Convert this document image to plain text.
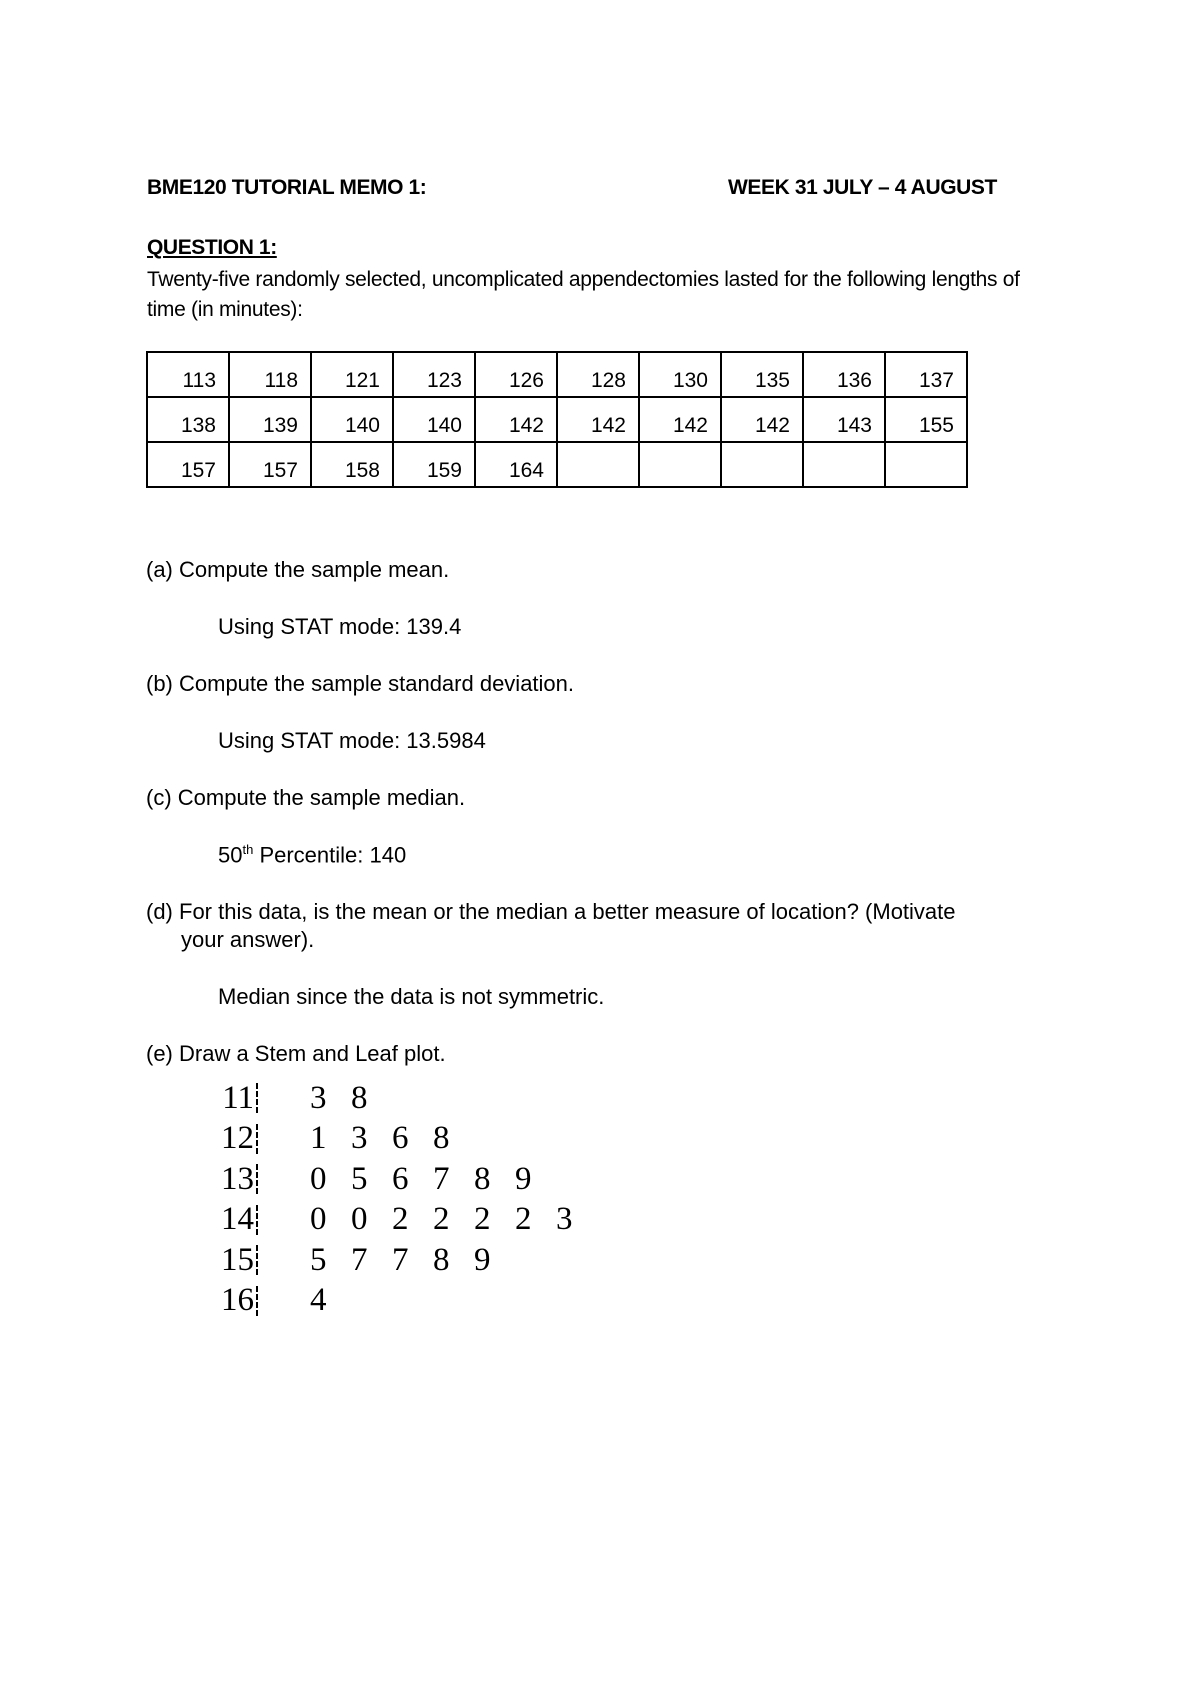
BME120 TUTORIAL MEMO 1:	WEEK 31 JULY – 4 AUGUST
QUESTION 1:
Twenty-five randomly selected, uncomplicated appendectomies lasted for the following lengths of time (in minutes):
113	118	121	123	126	128	130	135	136	137
138	139	140	140	142	142	142	142	143	155
157	157	158	159	164					
(a) Compute the sample mean.
Using STAT mode: 139.4
(b) Compute the sample standard deviation.
Using STAT mode: 13.5984
(c) Compute the sample median.
50th Percentile: 140
(d) For this data, is the mean or the median a better measure of location? (Motivate
your answer).
Median since the data is not symmetric.
(e) Draw a Stem and Leaf plot.
11 3 8
12 1 3 6 8
13 0 5 6 7 8 9
14 0 0 2 2 2 2 3
15 5 7 7 8 9
16 4
